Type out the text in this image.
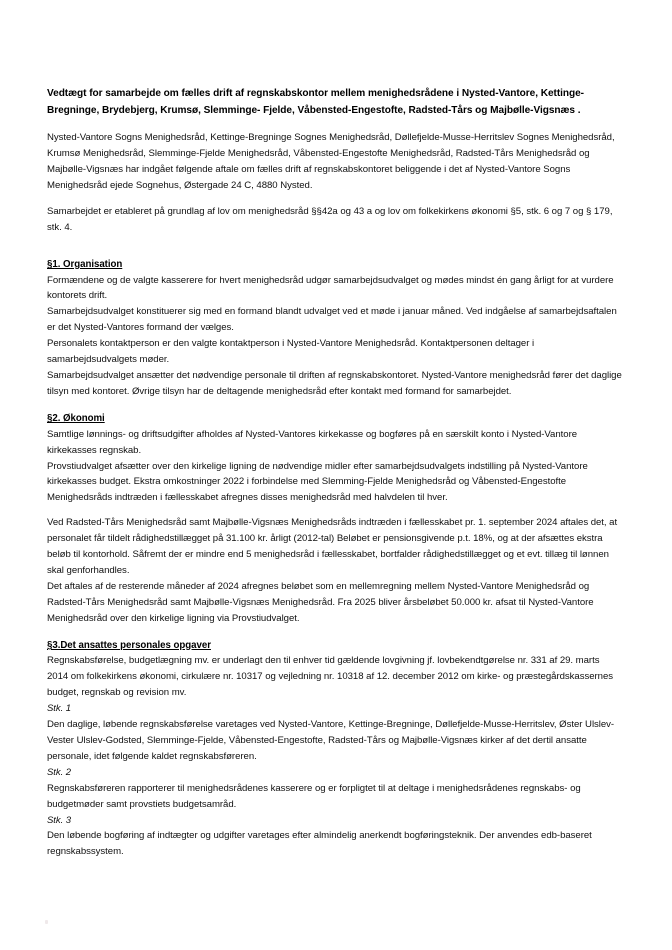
Vedtægt for samarbejde om fælles drift af regnskabskontor mellem menighedsrådene i Nysted-Vantore, Kettinge-Bregninge, Brydebjerg, Krumsø, Slemminge- Fjelde, Våbensted-Engestofte, Radsted-Tårs og Majbølle-Vigsnæs .

Nysted-Vantore Sogns Menighedsråd, Kettinge-Bregninge Sognes Menighedsråd, Døllefjelde-Musse-Herritslev Sognes Menighedsråd, Krumsø Menighedsråd, Slemminge-Fjelde Menighedsråd, Våbensted-Engestofte Menighedsråd, Radsted-Tårs Menighedsråd og Majbølle-Vigsnæs har indgået følgende aftale om fælles drift af regnskabskontoret beliggende i det af Nysted-Vantore Sogns Menighedsråd ejede Sognehus, Østergade 24 C, 4880 Nysted.

Samarbejdet er etableret på grundlag af lov om menighedsråd §§42a og 43 a og lov om folkekirkens økonomi §5, stk. 6 og 7 og § 179, stk. 4.

§1. Organisation

Formændene og de valgte kasserere for hvert menighedsråd udgør samarbejdsudvalget og mødes mindst én gang årligt for at vurdere kontorets drift.

Samarbejdsudvalget konstituerer sig med en formand blandt udvalget ved et møde i januar måned. Ved indgåelse af samarbejdsaftalen er det Nysted-Vantores formand der vælges.

Personalets kontaktperson er den valgte kontaktperson i Nysted-Vantore Menighedsråd. Kontaktpersonen deltager i samarbejdsudvalgets møder.

Samarbejdsudvalget ansætter det nødvendige personale til driften af regnskabskontoret. Nysted-Vantore menighedsråd fører det daglige tilsyn med kontoret. Øvrige tilsyn har de deltagende menighedsråd efter kontakt med formand for samarbejdet.

§2. Økonomi

Samtlige lønnings- og driftsudgifter afholdes af Nysted-Vantores kirkekasse og bogføres på en særskilt konto i Nysted-Vantore kirkekasses regnskab.

Provstiudvalget afsætter over den kirkelige ligning de nødvendige midler efter samarbejdsudvalgets indstilling på Nysted-Vantore kirkekasses budget. Ekstra omkostninger 2022 i forbindelse med Slemming-Fjelde Menighedsråd og Våbensted-Engestofte Menighedsråds indtræden i fællesskabet afregnes disses menighedsråd med halvdelen til hver.

Ved Radsted-Tårs Menighedsråd samt Majbølle-Vigsnæs Menighedsråds indtræden i fællesskabet pr. 1. september 2024 aftales det, at personalet får tildelt rådighedstillægget på 31.100 kr. årligt (2012-tal) Beløbet er pensionsgivende p.t. 18%, og at der afsættes ekstra beløb til kontorhold. Såfremt der er mindre end 5 menighedsråd i fællesskabet, bortfalder rådighedstillægget og et evt. tillæg til lønnen skal genforhandles.

Det aftales af de resterende måneder af 2024 afregnes beløbet som en mellemregning mellem Nysted-Vantore Menighedsråd og Radsted-Tårs Menighedsråd samt Majbølle-Vigsnæs Menighedsråd. Fra 2025 bliver årsbeløbet 50.000 kr. afsat til Nysted-Vantore Menighedsråd over den kirkelige ligning via Provstiudvalget.

§3.Det ansattes personales opgaver

Regnskabsførelse, budgetlægning mv. er underlagt den til enhver tid gældende lovgivning jf. lovbekendtgørelse nr. 331 af 29. marts 2014 om folkekirkens økonomi, cirkulære nr. 10317 og vejledning nr. 10318 af 12. december 2012 om kirke- og præstegårdskassernes budget, regnskab og revision mv.

Stk. 1

Den daglige, løbende regnskabsførelse varetages ved Nysted-Vantore, Kettinge-Bregninge, Døllefjelde-Musse-Herritslev, Øster Ulslev-Vester Ulslev-Godsted, Slemminge-Fjelde, Våbensted-Engestofte, Radsted-Tårs og Majbølle-Vigsnæs kirker af det dertil ansatte personale, idet følgende kaldet regnskabsføreren.

Stk. 2

Regnskabsføreren rapporterer til menighedsrådenes kasserere og er forpligtet til at deltage i menighedsrådenes regnskabs- og budgetmøder samt provstiets budgetsamråd.

Stk. 3

Den løbende bogføring af indtægter og udgifter varetages efter almindelig anerkendt bogføringsteknik. Der anvendes edb-baseret regnskabssystem.
